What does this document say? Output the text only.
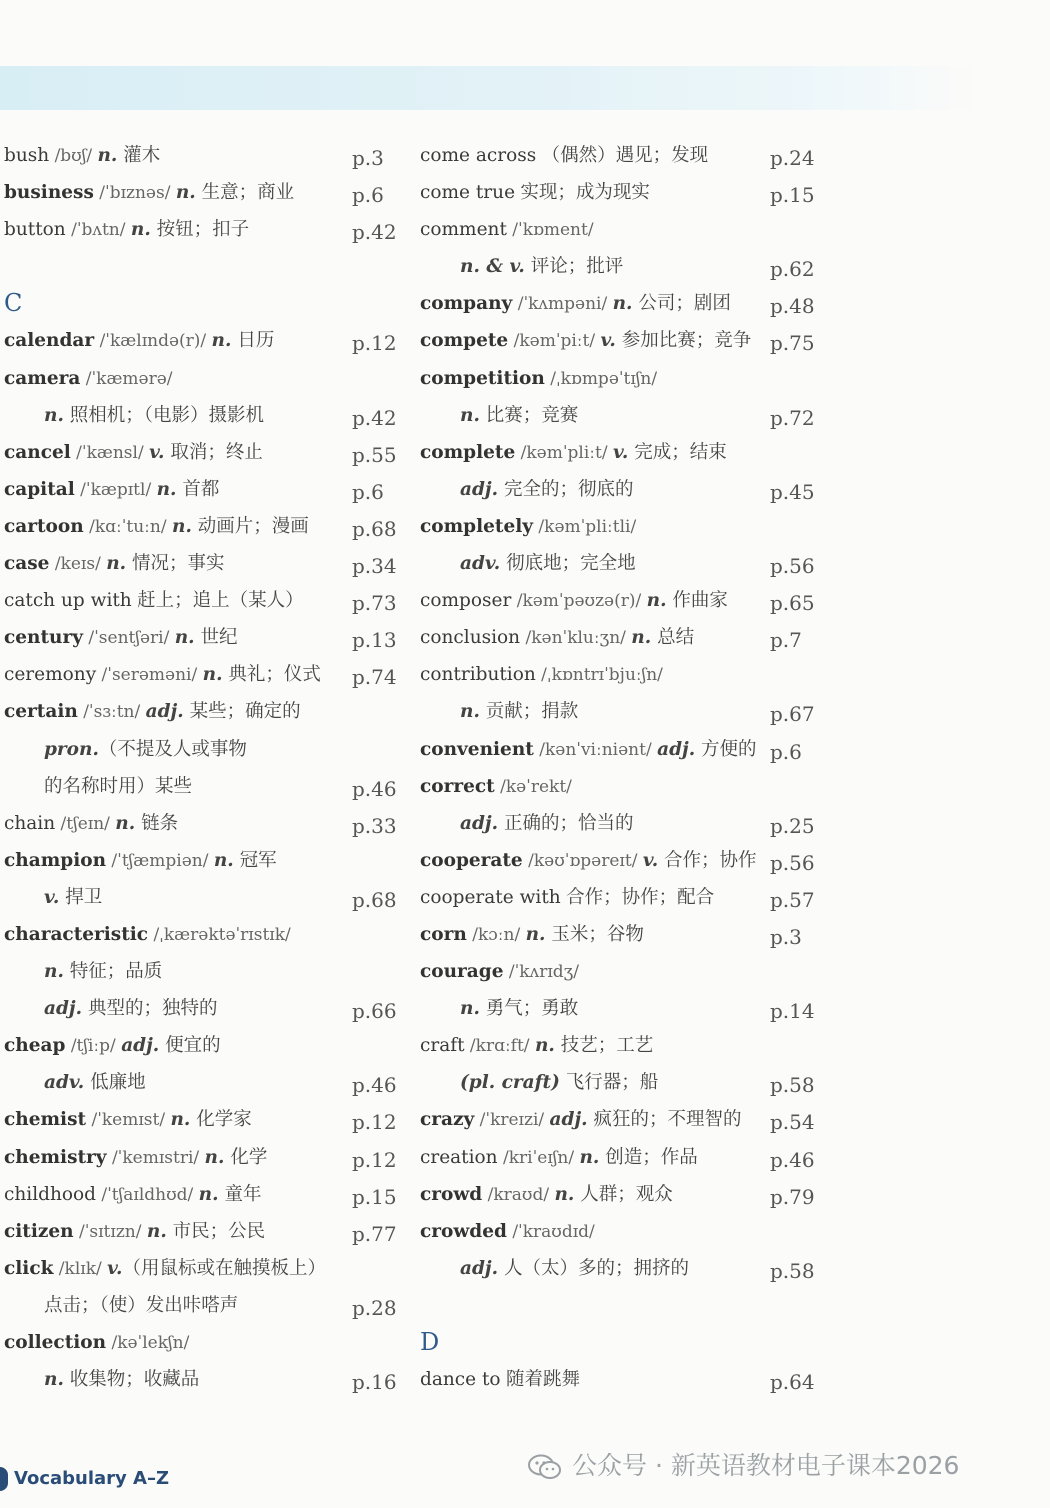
bush /bʊʃ/ n. 灌木	p.3
business /ˈbɪznəs/ n. 生意；商业	p.6
button /ˈbʌtn/ n. 按钮；扣子	p.42
C
calendar /ˈkælɪndə(r)/ n. 日历	p.12
camera /ˈkæmərə/
n. 照相机；（电影）摄影机	p.42
cancel /ˈkænsl/ v. 取消；终止	p.55
capital /ˈkæpɪtl/ n. 首都	p.6
cartoon /kɑːˈtuːn/ n. 动画片；漫画 p.68
case /keɪs/ n. 情况；事实	p.34
catch up with 赶上；追上（某人） p.73
century /ˈsentʃəri/ n. 世纪	p.13
ceremony /ˈserəməni/ n. 典礼；仪式 p.74
certain /ˈsɜːtn/ adj. 某些；确定的
pron.（不提及人或事物
的名称时用）某些	p.46
chain /tʃeɪn/ n. 链条	p.33
champion /ˈtʃæmpiən/ n. 冠军
v. 捍卫	p.68
characteristic /ˌkærəktəˈrɪstɪk/
n. 特征；品质
adj. 典型的；独特的	p.66
cheap /tʃiːp/ adj. 便宜的
adv. 低廉地	p.46
chemist /ˈkemɪst/ n. 化学家	p.12
chemistry /ˈkemɪstri/ n. 化学	p.12
childhood /ˈtʃaɪldhʊd/ n. 童年	p.15
citizen /ˈsɪtɪzn/ n. 市民；公民	p.77
click /klɪk/ v.（用鼠标或在触摸板上）
点击；（使）发出咔嗒声	p.28
collection /kəˈlekʃn/
n. 收集物；收藏品	p.16
come across （偶然）遇见；发现	p.24
come true 实现；成为现实	p.15
comment /ˈkɒment/
n. & v. 评论；批评	p.62
company /ˈkʌmpəni/ n. 公司；剧团 p.48
compete /kəmˈpiːt/ v. 参加比赛；竞争 p.75
competition /ˌkɒmpəˈtɪʃn/
n. 比赛；竞赛	p.72
complete /kəmˈpliːt/ v. 完成；结束
adj. 完全的；彻底的	p.45
completely /kəmˈpliːtli/
adv. 彻底地；完全地	p.56
composer /kəmˈpəʊzə(r)/ n. 作曲家 p.65
conclusion /kənˈkluːʒn/ n. 总结	p.7
contribution /ˌkɒntrɪˈbjuːʃn/
n. 贡献；捐款	p.67
convenient /kənˈviːniənt/ adj. 方便的 p.6
correct /kəˈrekt/
adj. 正确的；恰当的	p.25
cooperate /kəʊˈɒpəreɪt/ v. 合作；协作 p.56
cooperate with 合作；协作；配合	p.57
corn /kɔːn/ n. 玉米；谷物	p.3
courage /ˈkʌrɪdʒ/
n. 勇气；勇敢	p.14
craft /krɑːft/ n. 技艺；工艺
(pl. craft) 飞行器；船	p.58
crazy /ˈkreɪzi/ adj. 疯狂的；不理智的 p.54
creation /kriˈeɪʃn/ n. 创造；作品	p.46
crowd /kraʊd/ n. 人群；观众	p.79
crowded /ˈkraʊdɪd/
adj. 人（太）多的；拥挤的	p.58
D
dance to 随着跳舞	p.64
Vocabulary A–Z	公众号 · 新英语教材电子课本2026
